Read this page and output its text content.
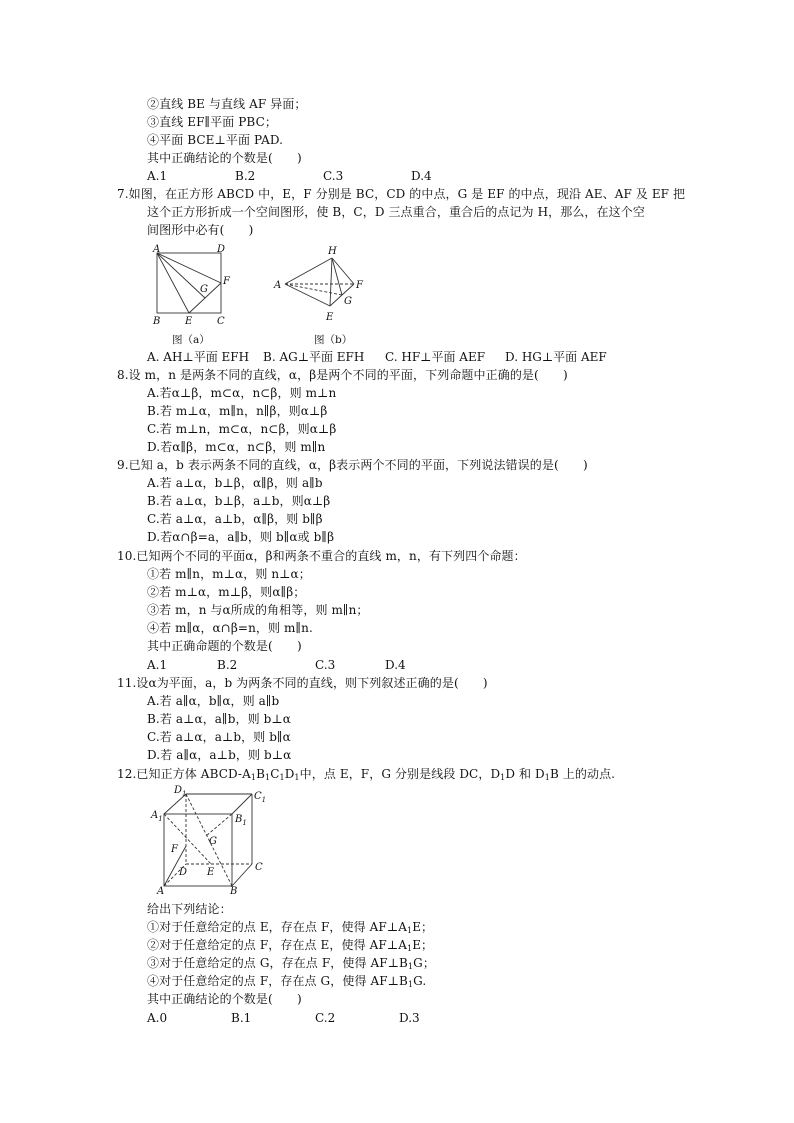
②直线 BE 与直线 AF 异面；
③直线 EF∥平面 PBC；
④平面 BCE⊥平面 PAD.
其中正确结论的个数是(　　)
A.1	B.2	C.3	D.4
7.如图，在正方形 ABCD 中，E，F 分别是 BC，CD 的中点，G 是 EF 的中点，现沿 AE、AF 及 EF 把
这个正方形折成一个空间图形，使 B，C，D 三点重合，重合后的点记为 H，那么，在这个空
间图形中必有(　　)
A	D
F
G
B E C
H
A	F
G
E
图（a）	图（b）
A. AH⊥平面 EFH B. AG⊥平面 EFH C. HF⊥平面 AEF D. HG⊥平面 AEF
8.设 m，n 是两条不同的直线，α，β是两个不同的平面，下列命题中正确的是(　　)
A.若α⊥β，m⊂α，n⊂β，则 m⊥n
B.若 m⊥α，m∥n，n∥β，则α⊥β
C.若 m⊥n，m⊂α，n⊂β，则α⊥β
D.若α∥β，m⊂α，n⊂β，则 m∥n
9.已知 a，b 表示两条不同的直线，α，β表示两个不同的平面，下列说法错误的是(　　)
A.若 a⊥α，b⊥β，α∥β，则 a∥b
B.若 a⊥α，b⊥β，a⊥b，则α⊥β
C.若 a⊥α，a⊥b，α∥β，则 b∥β
D.若α∩β=a，a∥b，则 b∥α或 b∥β
10.已知两个不同的平面α，β和两条不重合的直线 m，n，有下列四个命题：
①若 m∥n，m⊥α，则 n⊥α；
②若 m⊥α，m⊥β，则α∥β；
③若 m，n 与α所成的角相等，则 m∥n；
④若 m∥α，α∩β=n，则 m∥n.
其中正确命题的个数是(　　)
A.1	B.2	C.3	D.4
11.设α为平面，a，b 为两条不同的直线，则下列叙述正确的是(　　)
A.若 a∥α，b∥α，则 a∥b
B.若 a⊥α，a∥b，则 b⊥α
C.若 a⊥α，a⊥b，则 b∥α
D.若 a∥α，a⊥b，则 b⊥α
12.已知正方体 ABCD-$A_1B_1C_1D_1$中，点 E，F，G 分别是线段 DC，$D_1D$ 和 $D_1B$ 上的动点.
$D_1$	$C_1$
$A_1$	$B_1$
F
G
D E	C
A	B
给出下列结论：
①对于任意给定的点 E，存在点 F，使得 $AF\perp A_1E$；
②对于任意给定的点 F，存在点 E，使得 $AF\perp A_1E$；
③对于任意给定的点 G，存在点 F，使得 $AF\perp B_1G$；
④对于任意给定的点 F，存在点 G，使得 $AF\perp B_1G$.
其中正确结论的个数是(　　)
A.0	B.1	C.2	D.3
